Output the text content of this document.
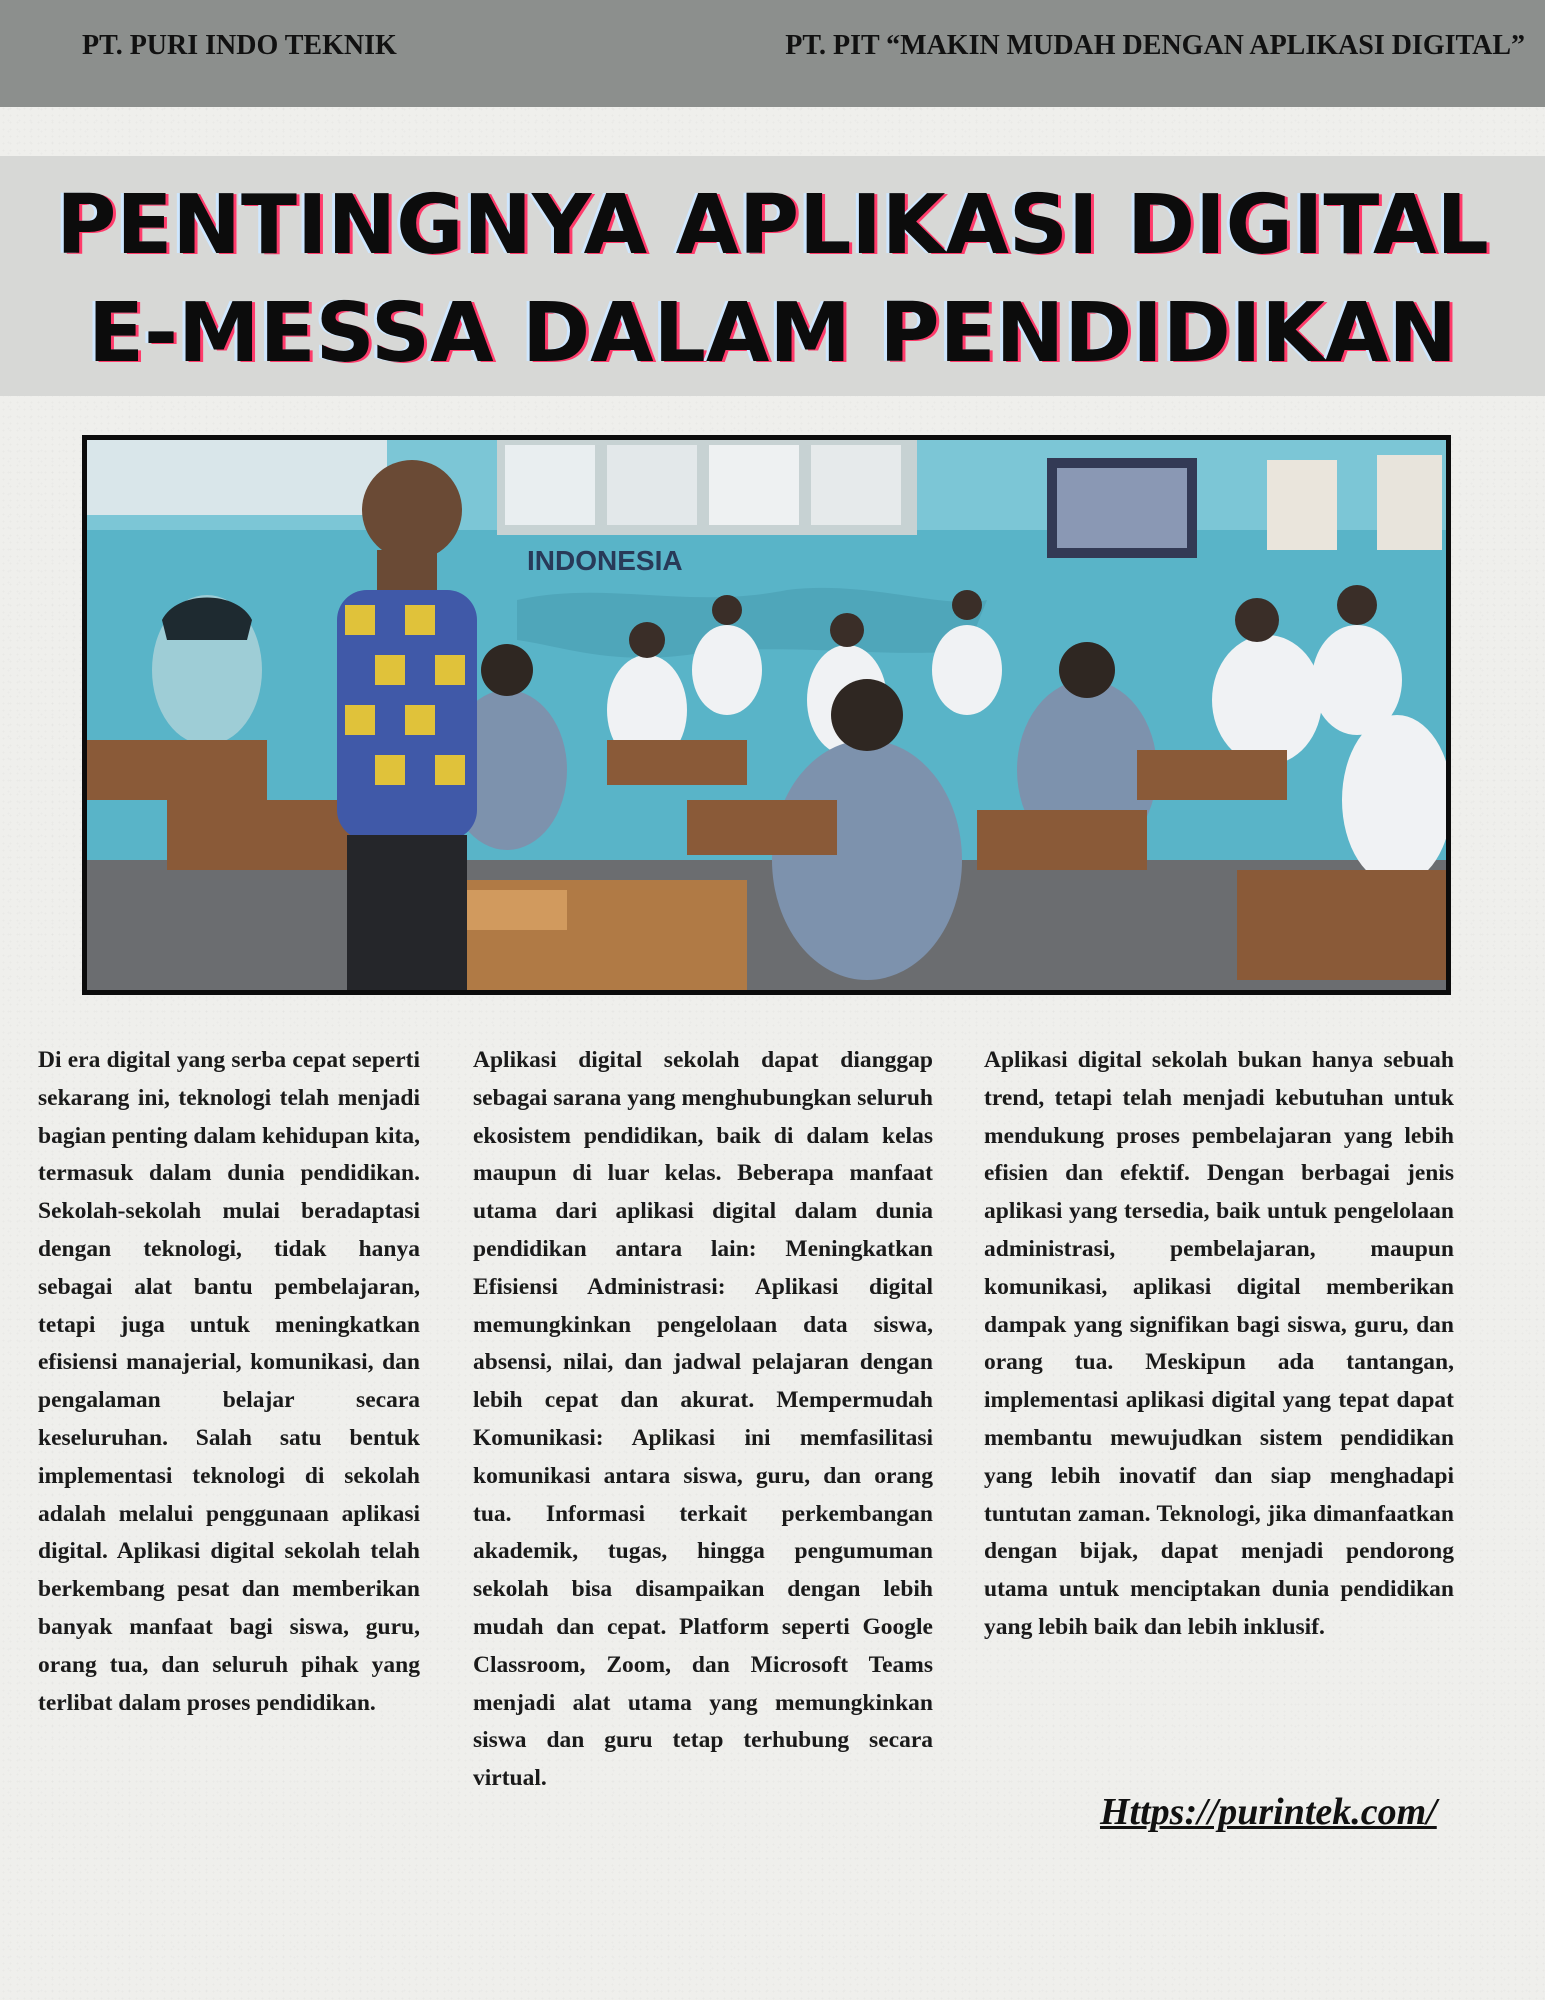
PT. PURI INDO TEKNIK	PT. PIT “MAKIN MUDAH DENGAN APLIKASI DIGITAL”
PENTINGNYA APLIKASI DIGITAL
E-MESSA DALAM PENDIDIKAN
INDONESIA
Di era digital yang serba cepat seperti sekarang ini, teknologi telah menjadi bagian penting dalam kehidupan kita, termasuk dalam dunia pendidikan. Sekolah-sekolah mulai beradaptasi dengan teknologi, tidak hanya sebagai alat bantu pembelajaran, tetapi juga untuk meningkatkan efisiensi manajerial, komunikasi, dan pengalaman belajar secara keseluruhan. Salah satu bentuk implementasi teknologi di sekolah adalah melalui penggunaan aplikasi digital. Aplikasi digital sekolah telah berkembang pesat dan memberikan banyak manfaat bagi siswa, guru, orang tua, dan seluruh pihak yang terlibat dalam proses pendidikan.
Aplikasi digital sekolah dapat dianggap sebagai sarana yang menghubungkan seluruh ekosistem pendidikan, baik di dalam kelas maupun di luar kelas. Beberapa manfaat utama dari aplikasi digital dalam dunia pendidikan antara lain: Meningkatkan Efisiensi Administrasi: Aplikasi digital memungkinkan pengelolaan data siswa, absensi, nilai, dan jadwal pelajaran dengan lebih cepat dan akurat. Mempermudah Komunikasi: Aplikasi ini memfasilitasi komunikasi antara siswa, guru, dan orang tua. Informasi terkait perkembangan akademik, tugas, hingga pengumuman sekolah bisa disampaikan dengan lebih mudah dan cepat. Platform seperti Google Classroom, Zoom, dan Microsoft Teams menjadi alat utama yang memungkinkan siswa dan guru tetap terhubung secara virtual.
Aplikasi digital sekolah bukan hanya sebuah trend, tetapi telah menjadi kebutuhan untuk mendukung proses pembelajaran yang lebih efisien dan efektif. Dengan berbagai jenis aplikasi yang tersedia, baik untuk pengelolaan administrasi, pembelajaran, maupun komunikasi, aplikasi digital memberikan dampak yang signifikan bagi siswa, guru, dan orang tua. Meskipun ada tantangan, implementasi aplikasi digital yang tepat dapat membantu mewujudkan sistem pendidikan yang lebih inovatif dan siap menghadapi tuntutan zaman. Teknologi, jika dimanfaatkan dengan bijak, dapat menjadi pendorong utama untuk menciptakan dunia pendidikan yang lebih baik dan lebih inklusif.
Https://purintek.com/
